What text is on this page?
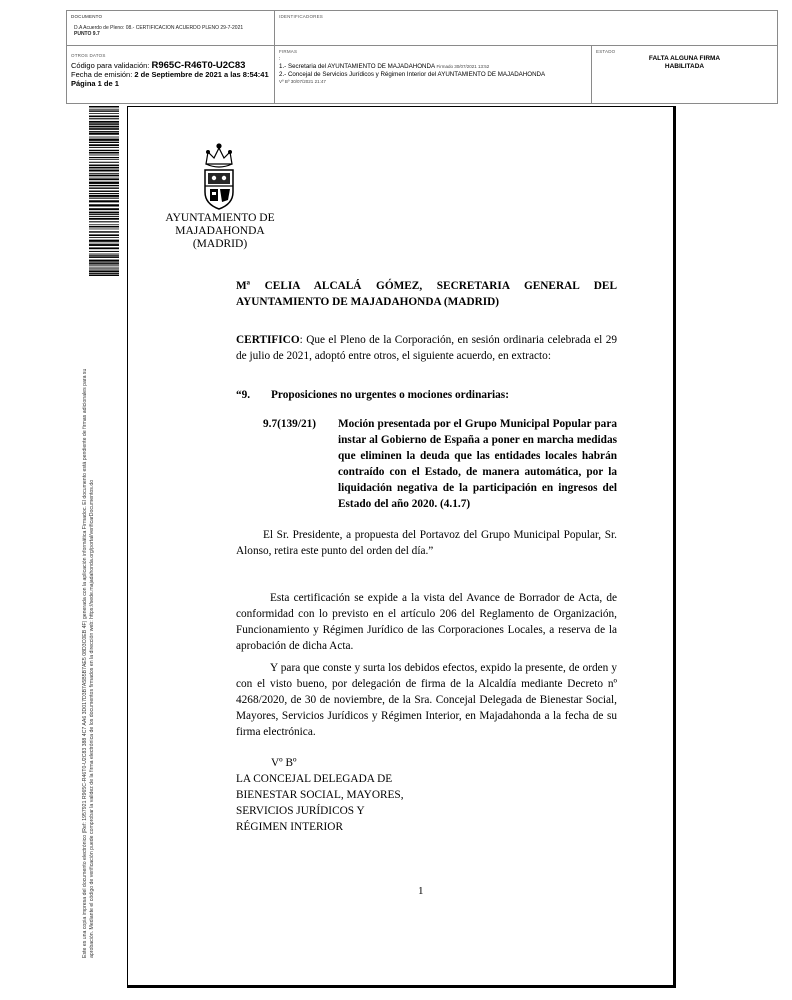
DOCUMENTO
D.A Acuerdo de Pleno: 08.- CERTIFICACION ACUERDO PLENO 29-7-2021
PUNTO 9.7
IDENTIFICADORES
OTROS DATOS
Código para validación: R965C-R46T0-U2C83
Fecha de emisión: 2 de Septiembre de 2021 a las 8:54:41
Página 1 de 1
FIRMAS
:
1.- Secretaria del AYUNTAMIENTO DE MAJADAHONDA Firmado 30/07/2021 13:52
2.- Concejal de Servicios Jurídicos y Régimen Interior del AYUNTAMIENTO DE MAJADAHONDA
Vº Bº 30/07/2021 21:47
ESTADO
FALTA ALGUNA FIRMA
HABILITADA
Este es una copia impresa del documento electrónico (Ref: 1957921 R965C-R46T0-U2C83 388 4C7 AA6 3D017D3B7A5B5B7AE5 08D3C0EB 4F) generada con la aplicación informática Firmadoc. El documento está pendiente de firmas adicionales para su aprobación. Mediante el código de verificación puede comprobar la validez de la firma electrónica de los documentos firmados en la dirección web: https://sede.majadahonda.org/portal/verificarDocumentos.do
AYUNTAMIENTO DE
MAJADAHONDA
(MADRID)
Mª CELIA ALCALÁ GÓMEZ, SECRETARIA GENERAL DEL AYUNTAMIENTO DE MAJADAHONDA (MADRID)
CERTIFICO: Que el Pleno de la Corporación, en sesión ordinaria celebrada el 29 de julio de 2021, adoptó entre otros, el siguiente acuerdo, en extracto:
“9.	Proposiciones no urgentes o mociones ordinarias:
9.7(139/21)	Moción presentada por el Grupo Municipal Popular para instar al Gobierno de España a poner en marcha medidas que eliminen la deuda que las entidades locales habrán contraído con el Estado, de manera automática, por la liquidación negativa de la participación en ingresos del Estado del año 2020. (4.1.7)
El Sr. Presidente, a propuesta del Portavoz del Grupo Municipal Popular, Sr. Alonso, retira este punto del orden del día.”
Esta certificación se expide a la vista del Avance de Borrador de Acta, de conformidad con lo previsto en el artículo 206 del Reglamento de Organización, Funcionamiento y Régimen Jurídico de las Corporaciones Locales, a reserva de la aprobación de dicha Acta.
Y para que conste y surta los debidos efectos, expido la presente, de orden y con el visto bueno, por delegación de firma de la Alcaldía mediante Decreto nº 4268/2020, de 30 de noviembre, de la Sra. Concejal Delegada de Bienestar Social, Mayores, Servicios Jurídicos y Régimen Interior, en Majadahonda a la fecha de su firma electrónica.
Vº Bº
LA CONCEJAL DELEGADA DE
BIENESTAR SOCIAL, MAYORES,
SERVICIOS JURÍDICOS Y
RÉGIMEN INTERIOR
1
